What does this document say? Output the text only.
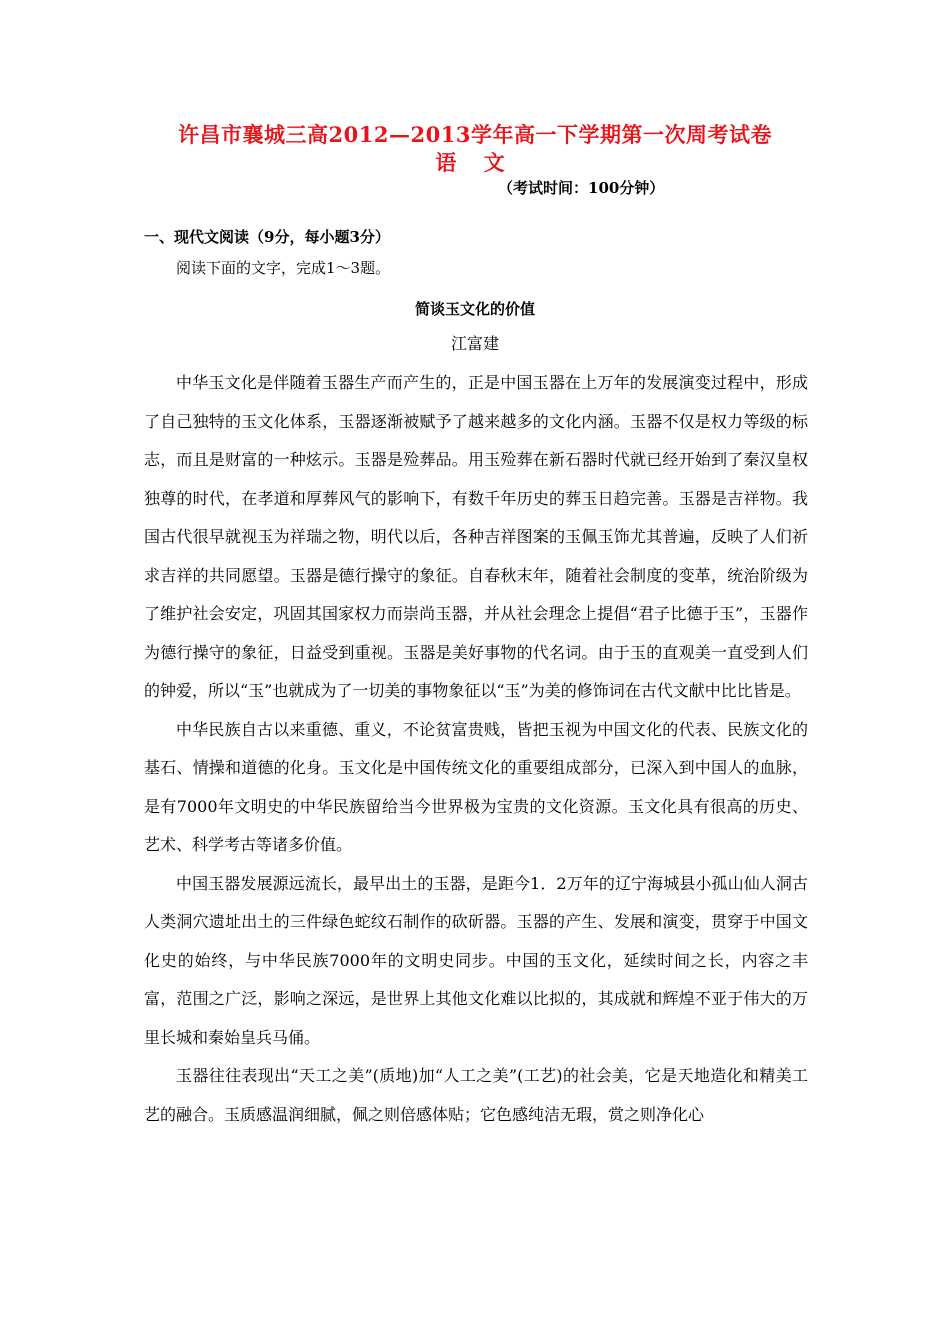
许昌市襄城三高2012—2013学年高一下学期第一次周考试卷
语 文
（考试时间：100分钟）
一、现代文阅读（9分，每小题3分）
阅读下面的文字，完成1～3题。
简谈玉文化的价值
江富建

中华玉文化是伴随着玉器生产而产生的，正是中国玉器在上万年的发展演变过程中，形成了自己独特的玉文化体系，玉器逐渐被赋予了越来越多的文化内涵。玉器不仅是权力等级的标志，而且是财富的一种炫示。玉器是殓葬品。用玉殓葬在新石器时代就已经开始到了秦汉皇权独尊的时代，在孝道和厚葬风气的影响下，有数千年历史的葬玉日趋完善。玉器是吉祥物。我国古代很早就视玉为祥瑞之物，明代以后，各种吉祥图案的玉佩玉饰尤其普遍，反映了人们祈求吉祥的共同愿望。玉器是德行操守的象征。自春秋末年，随着社会制度的变革，统治阶级为了维护社会安定，巩固其国家权力而崇尚玉器，并从社会理念上提倡“君子比德于玉”，玉器作为德行操守的象征，日益受到重视。玉器是美好事物的代名词。由于玉的直观美一直受到人们的钟爱，所以“玉”也就成为了一切美的事物象征以“玉”为美的修饰词在古代文献中比比皆是。

中华民族自古以来重德、重义，不论贫富贵贱，皆把玉视为中国文化的代表、民族文化的基石、情操和道德的化身。玉文化是中国传统文化的重要组成部分，已深入到中国人的血脉，是有7000年文明史的中华民族留给当今世界极为宝贵的文化资源。玉文化具有很高的历史、艺术、科学考古等诸多价值。

中国玉器发展源远流长，最早出土的玉器，是距今1．2万年的辽宁海城县小孤山仙人洞古人类洞穴遗址出土的三件绿色蛇纹石制作的砍斫器。玉器的产生、发展和演变，贯穿于中国文化史的始终，与中华民族7000年的文明史同步。中国的玉文化，延续时间之长，内容之丰富，范围之广泛，影响之深远，是世界上其他文化难以比拟的，其成就和辉煌不亚于伟大的万里长城和秦始皇兵马俑。

玉器往往表现出“天工之美”(质地)加“人工之美”(工艺)的社会美，它是天地造化和精美工艺的融合。玉质感温润细腻，佩之则倍感体贴；它色感纯洁无瑕，赏之则净化心
